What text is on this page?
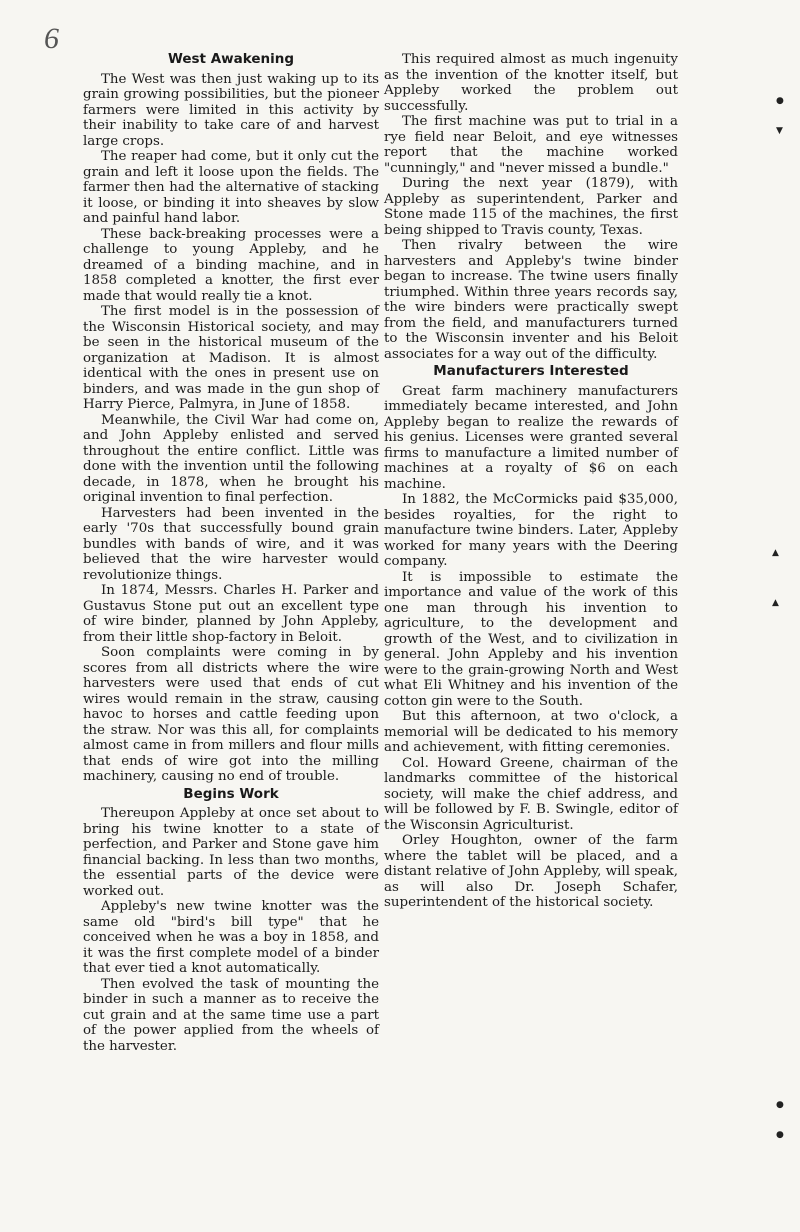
6
West Awakening

The West was then just waking up to its grain growing possibilities, but the pioneer farmers were limited in this activity by their inability to take care of and harvest large crops.

The reaper had come, but it only cut the grain and left it loose upon the fields. The farmer then had the alternative of stacking it loose, or binding it into sheaves by slow and painful hand labor.

These back-breaking processes were a challenge to young Appleby, and he dreamed of a binding machine, and in 1858 completed a knotter, the first ever made that would really tie a knot.

The first model is in the possession of the Wisconsin Historical society, and may be seen in the historical museum of the organization at Madison. It is almost identical with the ones in present use on binders, and was made in the gun shop of Harry Pierce, Palmyra, in June of 1858.

Meanwhile, the Civil War had come on, and John Appleby enlisted and served throughout the entire conflict. Little was done with the invention until the following decade, in 1878, when he brought his original invention to final perfection.

Harvesters had been invented in the early '70s that successfully bound grain bundles with bands of wire, and it was believed that the wire harvester would revolutionize things.

In 1874, Messrs. Charles H. Parker and Gustavus Stone put out an excellent type of wire binder, planned by John Appleby, from their little shop-factory in Beloit.

Soon complaints were coming in by scores from all districts where the wire harvesters were used that ends of cut wires would remain in the straw, causing havoc to horses and cattle feeding upon the straw. Nor was this all, for complaints almost came in from millers and flour mills that ends of wire got into the milling machinery, causing no end of trouble.

Begins Work

Thereupon Appleby at once set about to bring his twine knotter to a state of perfection, and Parker and Stone gave him financial backing. In less than two months, the essential parts of the device were worked out.

Appleby's new twine knotter was the same old "bird's bill type" that he conceived when he was a boy in 1858, and it was the first complete model of a binder that ever tied a knot automatically.

Then evolved the task of mounting the binder in such a manner as to receive the cut grain and at the same time use a part of the power applied from the wheels of the harvester.

This required almost as much ingenuity as the invention of the knotter itself, but Appleby worked the problem out successfully.

The first machine was put to trial in a rye field near Beloit, and eye witnesses report that the machine worked "cunningly," and "never missed a bundle."

During the next year (1879), with Appleby as superintendent, Parker and Stone made 115 of the machines, the first being shipped to Travis county, Texas.

Then rivalry between the wire harvesters and Appleby's twine binder began to increase. The twine users finally triumphed. Within three years records say, the wire binders were practically swept from the field, and manufacturers turned to the Wisconsin inventer and his Beloit associates for a way out of the difficulty.

Manufacturers Interested

Great farm machinery manufacturers immediately became interested, and John Appleby began to realize the rewards of his genius. Licenses were granted several firms to manufacture a limited number of machines at a royalty of $6 on each machine.

In 1882, the McCormicks paid $35,000, besides royalties, for the right to manufacture twine binders. Later, Appleby worked for many years with the Deering company.

It is impossible to estimate the importance and value of the work of this one man through his invention to agriculture, to the development and growth of the West, and to civilization in general. John Appleby and his invention were to the grain-growing North and West what Eli Whitney and his invention of the cotton gin were to the South.

But this afternoon, at two o'clock, a memorial will be dedicated to his memory and achievement, with fitting ceremonies.

Col. Howard Greene, chairman of the landmarks committee of the historical society, will make the chief address, and will be followed by F. B. Swingle, editor of the Wisconsin Agriculturist.

Orley Houghton, owner of the farm where the tablet will be placed, and a distant relative of John Appleby, will speak, as will also Dr. Joseph Schafer, superintendent of the historical society.

●
▼
▲
▲
●
●
